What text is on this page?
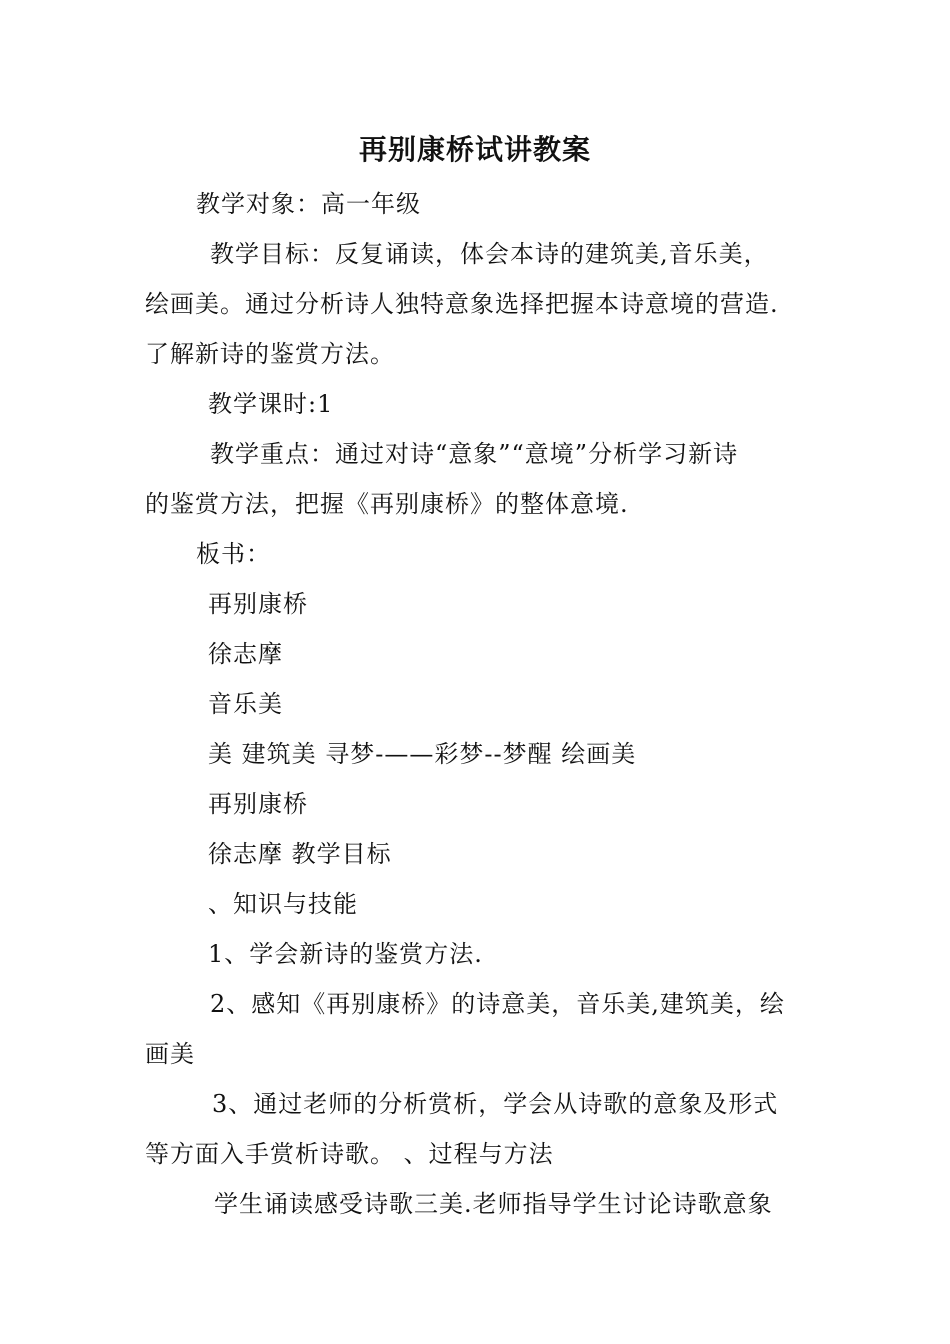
再别康桥试讲教案
教学对象：高一年级
教学目标：反复诵读，体会本诗的建筑美,音乐美，
绘画美。通过分析诗人独特意象选择把握本诗意境的营造.
了解新诗的鉴赏方法。
教学课时:1
教学重点：通过对诗“意象”“意境”分析学习新诗
的鉴赏方法，把握《再别康桥》的整体意境.
板书：
再别康桥
徐志摩
音乐美
美 建筑美 寻梦-——彩梦--梦醒 绘画美
再别康桥
徐志摩 教学目标
、知识与技能
1、学会新诗的鉴赏方法.
2、感知《再别康桥》的诗意美，音乐美,建筑美，绘
画美
3、通过老师的分析赏析，学会从诗歌的意象及形式
等方面入手赏析诗歌。 、过程与方法
学生诵读感受诗歌三美.老师指导学生讨论诗歌意象
